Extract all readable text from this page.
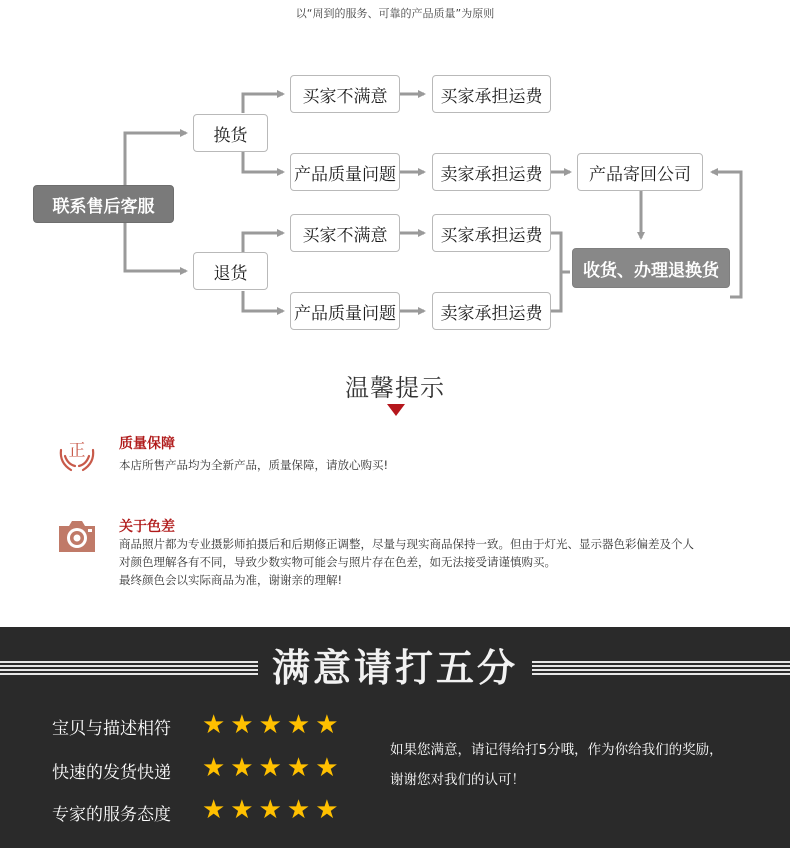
以“周到的服务、可靠的产品质量”为原则
联系售后客服
换货
退货
买家不满意
产品质量问题
买家不满意
产品质量问题
买家承担运费
卖家承担运费
买家承担运费
卖家承担运费
产品寄回公司
收货、办理退换货
温馨提示
正 质量保障
本店所售产品均为全新产品，质量保障，请放心购买!
关于色差
商品照片都为专业摄影师拍摄后和后期修正调整，尽量与现实商品保持一致。但由于灯光、显示器色彩偏差及个人
对颜色理解各有不同，导致少数实物可能会与照片存在色差，如无法接受请谨慎购买。
最终颜色会以实际商品为准，谢谢亲的理解!
满意请打五分
宝贝与描述相符 ★★★★★
快速的发货快递 ★★★★★
专家的服务态度 ★★★★★
如果您满意，请记得给打5分哦，作为你给我们的奖励，
谢谢您对我们的认可！
